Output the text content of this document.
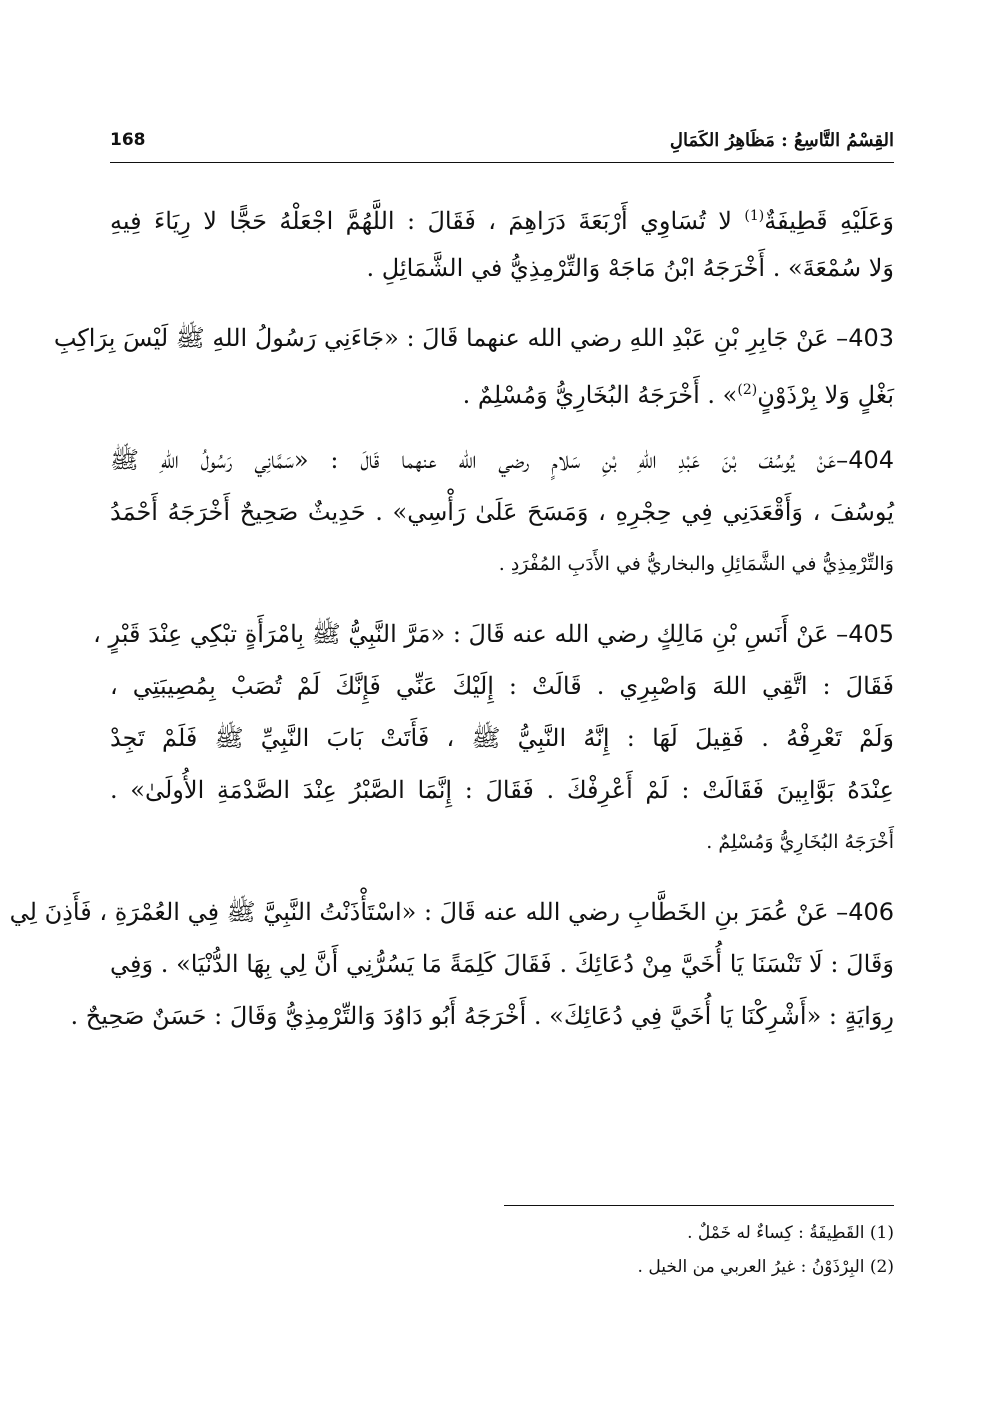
168	القِسْمُ التَّاسِعُ : مَظَاهِرُ الكَمَالِ
وَعَلَيْهِ قَطِيفَةٌ$^{(1)}$ لا تُسَاوِي أَرْبَعَةَ دَرَاهِمَ ، فَقَالَ : اللَّهُمَّ اجْعَلْهُ حَجًّا لا رِيَاءَ فِيهِ
وَلا سُمْعَةَ» . أَخْرَجَهُ ابْنُ مَاجَهْ وَالتِّرْمِذِيُّ في الشَّمَائِلِ .
403– عَنْ جَابِرِ بْنِ عَبْدِ اللهِ رضي الله عنهما قَالَ : «جَاءَنِي رَسُولُ اللهِ ﷺ لَيْسَ بِرَاكِبِ
بَغْلٍ وَلا بِرْذَوْنٍ$^{(2)}$» . أَخْرَجَهُ البُخَارِيُّ وَمُسْلِمٌ .
404–عَنْ يُوسُفَ بْنَ عَبْدِ اللهِ بْنِ سَلامٍ رضي الله عنهما قَالَ : «سَمَّانِي رَسُولُ اللهِ ﷺ
يُوسُفَ ، وَأَقْعَدَنِي فِي حِجْرِهِ ، وَمَسَحَ عَلَىٰ رَأْسِي» . حَدِيثٌ صَحِيحٌ أَخْرَجَهُ أَحْمَدُ
وَالتِّرْمِذِيُّ في الشَّمَائِلِ والبخاريُّ في الأَدَبِ المُفْرَدِ .
405– عَنْ أَنَسِ بْنِ مَالِكٍ رضي الله عنه قَالَ : «مَرَّ النَّبِيُّ ﷺ بِامْرَأَةٍ تبْكِي عِنْدَ قَبْرٍ ،
فَقَالَ : اتَّقِي اللهَ وَاصْبِرِي . قَالَتْ : إِلَيْكَ عَنِّي فَإِنَّكَ لَمْ تُصَبْ بِمُصِيبَتِي ،
وَلَمْ تَعْرِفْهُ . فَقِيلَ لَهَا : إِنَّهُ النَّبِيُّ ﷺ ، فَأَتَتْ بَابَ النَّبِيِّ ﷺ فَلَمْ تَجِدْ
عِنْدَهُ بَوَّابِينَ فَقَالَتْ : لَمْ أَعْرِفْكَ . فَقَالَ : إِنَّمَا الصَّبْرُ عِنْدَ الصَّدْمَةِ الأُولَىٰ» .
أَخْرَجَهُ البُخَارِيُّ وَمُسْلِمٌ .
406– عَنْ عُمَرَ بنِ الخَطَّابِ رضي الله عنه قَالَ : «اسْتَأْذَنْتُ النَّبِيَّ ﷺ فِي العُمْرَةِ ، فَأَذِنَ لِي
وَقَالَ : لَا تَنْسَنَا يَا أُخَيَّ مِنْ دُعَائِكَ . فَقَالَ كَلِمَةً مَا يَسُرُّنِي أَنَّ لِي بِهَا الدُّنْيَا» . وَفِي
رِوَايَةٍ : «أَشْرِكْنَا يَا أُخَيَّ فِي دُعَائِكَ» . أَخْرَجَهُ أَبُو دَاوُدَ وَالتِّرْمِذِيُّ وَقَالَ : حَسَنٌ صَحِيحٌ .
(1) القَطِيفَةُ : كِساءٌ له خَمْلٌ .
(2) البِرْذَوْنُ : غيرُ العربي من الخيل .
